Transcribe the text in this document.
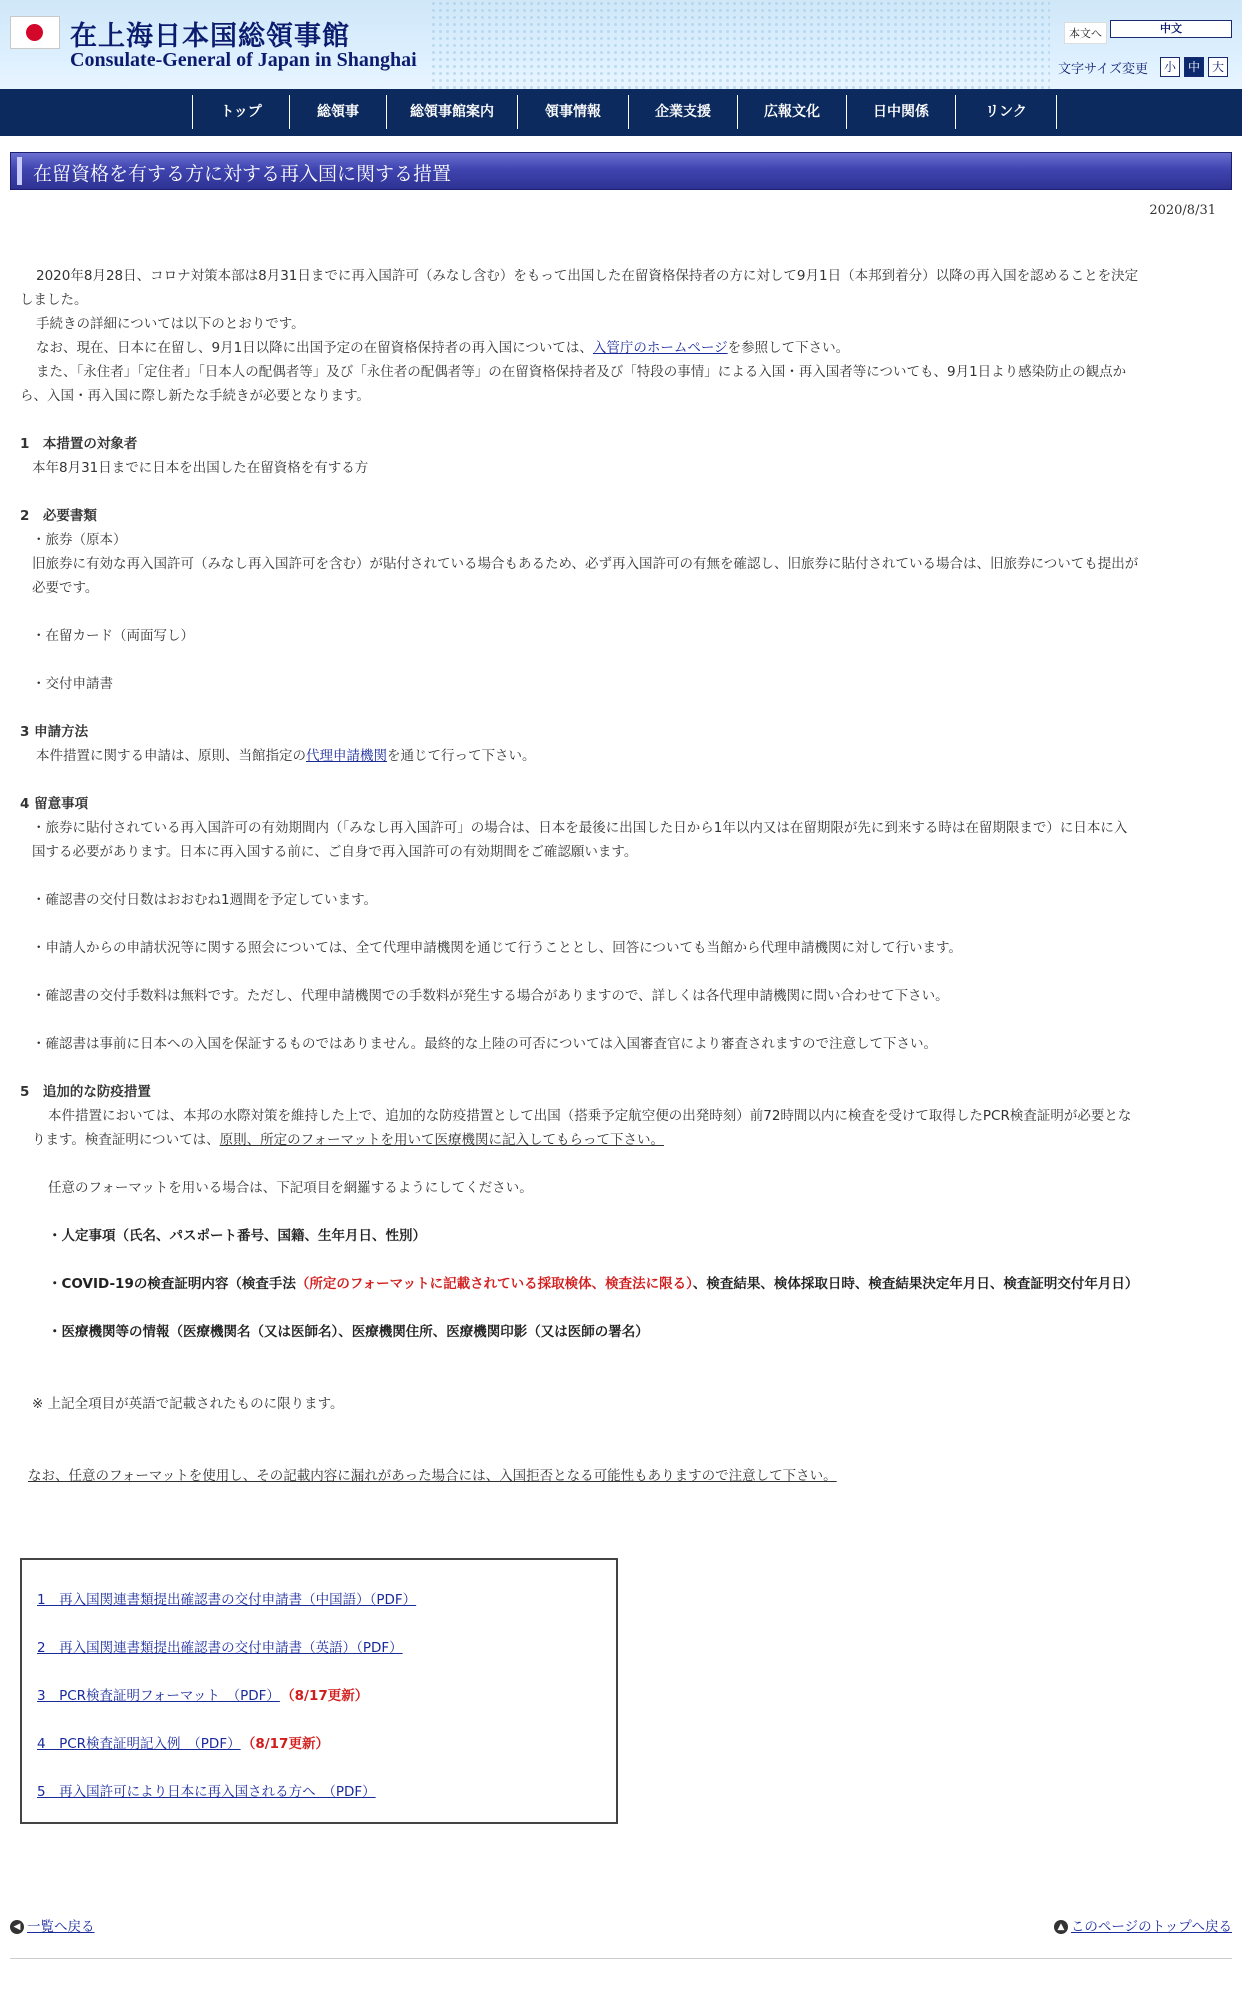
在上海日本国総領事館
Consulate-General of Japan in Shanghai
本文へ	中文
文字サイズ変更	小 中 大
トップ	総領事	総領事館案内	領事情報	企業支援	広報文化	日中関係	リンク
在留資格を有する方に対する再入国に関する措置
2020/8/31

2020年8月28日、コロナ対策本部は8月31日までに再入国許可（みなし含む）をもって出国した在留資格保持者の方に対して9月1日（本邦到着分）以降の再入国を認めることを決定しました。

手続きの詳細については以下のとおりです。

なお、現在、日本に在留し、9月1日以降に出国予定の在留資格保持者の再入国については、入管庁のホームページを参照して下さい。

また、「永住者」「定住者」「日本人の配偶者等」及び「永住者の配偶者等」の在留資格保持者及び「特段の事情」による入国・再入国者等についても、9月1日より感染防止の観点から、入国・再入国に際し新たな手続きが必要となります。

1　本措置の対象者

本年8月31日までに日本を出国した在留資格を有する方

2　必要書類

・旅券（原本）

旧旅券に有効な再入国許可（みなし再入国許可を含む）が貼付されている場合もあるため、必ず再入国許可の有無を確認し、旧旅券に貼付されている場合は、旧旅券についても提出が必要です。

・在留カード（両面写し）

・交付申請書

3 申請方法

本件措置に関する申請は、原則、当館指定の代理申請機関を通じて行って下さい。

4 留意事項

・旅券に貼付されている再入国許可の有効期間内（「みなし再入国許可」の場合は、日本を最後に出国した日から1年以内又は在留期限が先に到来する時は在留期限まで）に日本に入国する必要があります。日本に再入国する前に、ご自身で再入国許可の有効期間をご確認願います。

・確認書の交付日数はおおむね1週間を予定しています。

・申請人からの申請状況等に関する照会については、全て代理申請機関を通じて行うこととし、回答についても当館から代理申請機関に対して行います。

・確認書の交付手数料は無料です。ただし、代理申請機関での手数料が発生する場合がありますので、詳しくは各代理申請機関に問い合わせて下さい。

・確認書は事前に日本への入国を保証するものではありません。最終的な上陸の可否については入国審査官により審査されますので注意して下さい。

5　追加的な防疫措置

本件措置においては、本邦の水際対策を維持した上で、追加的な防疫措置として出国（搭乗予定航空便の出発時刻）前72時間以内に検査を受けて取得したPCR検査証明が必要となります。検査証明については、原則、所定のフォーマットを用いて医療機関に記入してもらって下さい。

任意のフォーマットを用いる場合は、下記項目を網羅するようにしてください。

・人定事項（氏名、パスポート番号、国籍、生年月日、性別）

・COVID-19の検査証明内容（検査手法（所定のフォーマットに記載されている採取検体、検査法に限る）、検査結果、検体採取日時、検査結果決定年月日、検査証明交付年月日）

・医療機関等の情報（医療機関名（又は医師名）、医療機関住所、医療機関印影（又は医師の署名）

※ 上記全項目が英語で記載されたものに限ります。

なお、任意のフォーマットを使用し、その記載内容に漏れがあった場合には、入国拒否となる可能性もありますので注意して下さい。

1　再入国関連書類提出確認書の交付申請書（中国語）（PDF）
2　再入国関連書類提出確認書の交付申請書（英語）（PDF）
3　PCR検査証明フォーマット　（PDF） （8/17更新）
4　PCR検査証明記入例　（PDF） （8/17更新）
5　再入国許可により日本に再入国される方へ　（PDF）
◀ 一覧へ戻る	▲ このページのトップへ戻る
